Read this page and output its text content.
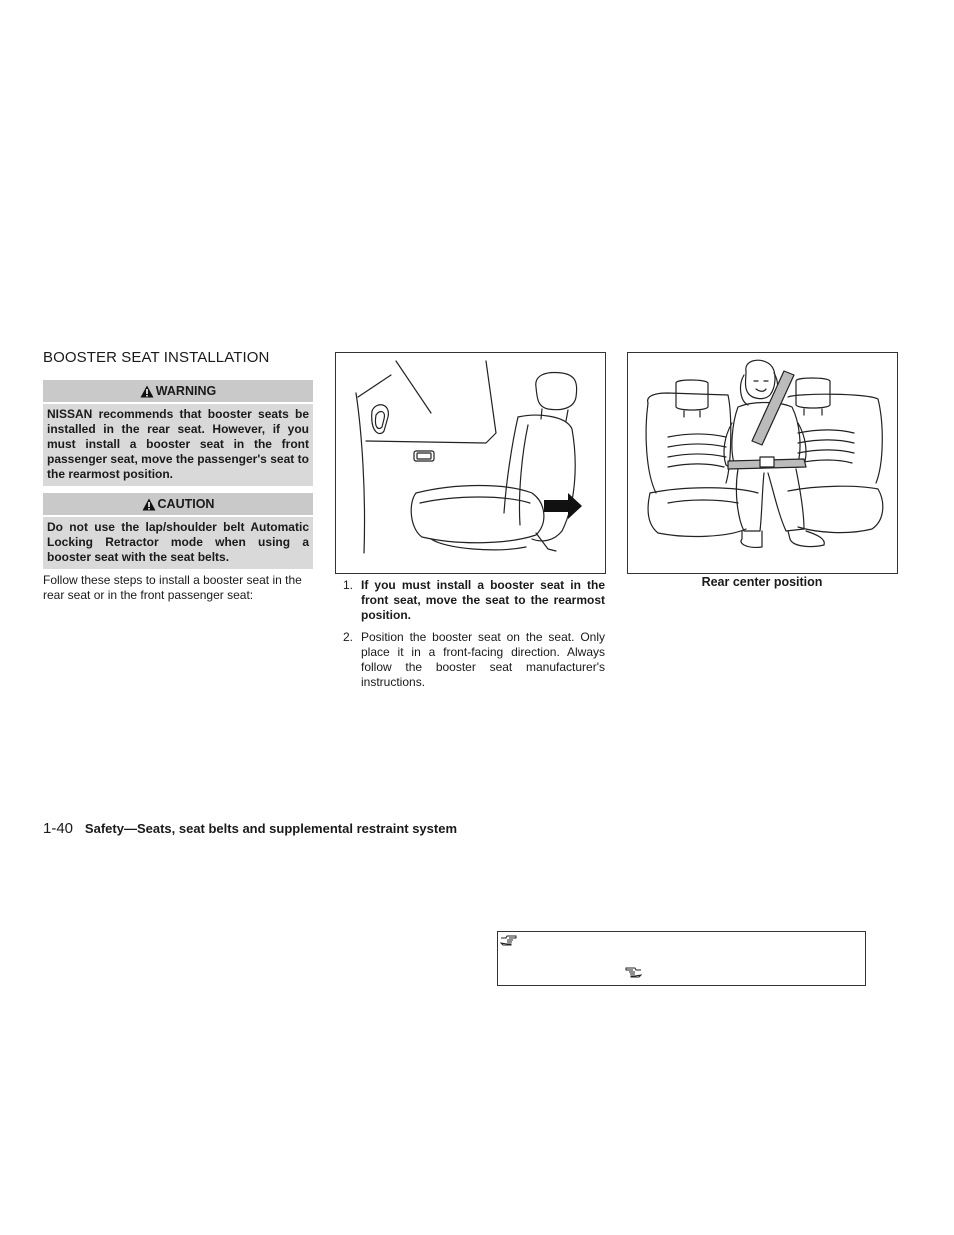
BOOSTER SEAT INSTALLATION
WARNING
NISSAN recommends that booster seats be installed in the rear seat. However, if you must install a booster seat in the front passenger seat, move the passenger's seat to the rearmost position.
CAUTION
Do not use the lap/shoulder belt Automatic Locking Retractor mode when using a booster seat with the seat belts.
Follow these steps to install a booster seat in the rear seat or in the front passenger seat:
1. If you must install a booster seat in the front seat, move the seat to the rearmost position.
2. Position the booster seat on the seat. Only place it in a front-facing direction. Always follow the booster seat manufacturer's instructions.
Rear center position
1-40 Safety—Seats, seat belts and supplemental restraint system
